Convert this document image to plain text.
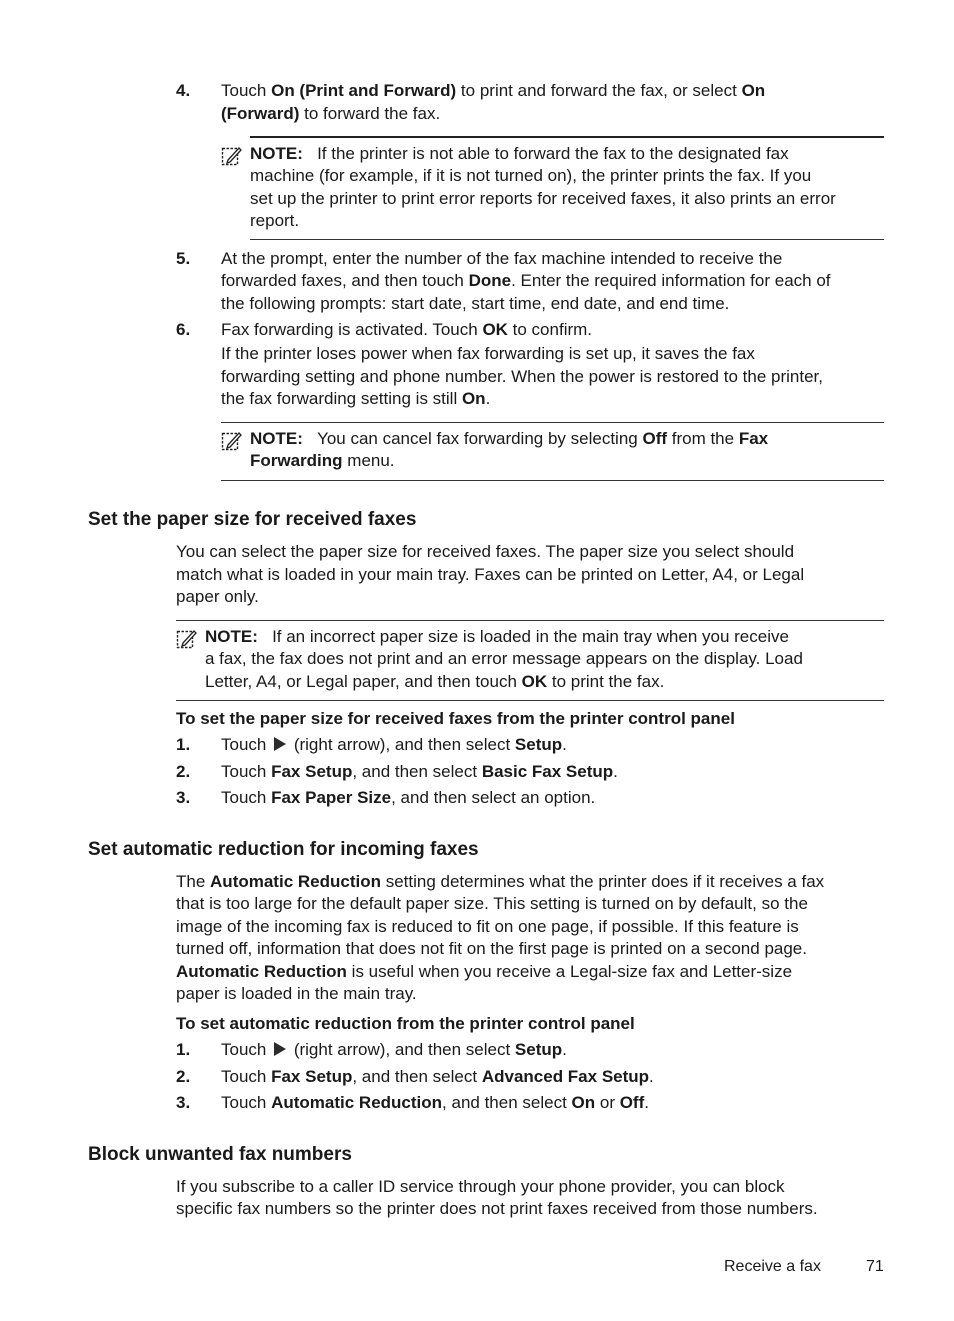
4. Touch On (Print and Forward) to print and forward the fax, or select On
(Forward) to forward the fax.
NOTE: If the printer is not able to forward the fax to the designated fax
machine (for example, if it is not turned on), the printer prints the fax. If you
set up the printer to print error reports for received faxes, it also prints an error
report.
5. At the prompt, enter the number of the fax machine intended to receive the
forwarded faxes, and then touch Done. Enter the required information for each of
the following prompts: start date, start time, end date, and end time.
6. Fax forwarding is activated. Touch OK to confirm.
If the printer loses power when fax forwarding is set up, it saves the fax
forwarding setting and phone number. When the power is restored to the printer,
the fax forwarding setting is still On.
NOTE: You can cancel fax forwarding by selecting Off from the Fax
Forwarding menu.
Set the paper size for received faxes
You can select the paper size for received faxes. The paper size you select should
match what is loaded in your main tray. Faxes can be printed on Letter, A4, or Legal
paper only.
NOTE: If an incorrect paper size is loaded in the main tray when you receive
a fax, the fax does not print and an error message appears on the display. Load
Letter, A4, or Legal paper, and then touch OK to print the fax.
To set the paper size for received faxes from the printer control panel
1. Touch  (right arrow), and then select Setup.
2. Touch Fax Setup, and then select Basic Fax Setup.
3. Touch Fax Paper Size, and then select an option.
Set automatic reduction for incoming faxes
The Automatic Reduction setting determines what the printer does if it receives a fax
that is too large for the default paper size. This setting is turned on by default, so the
image of the incoming fax is reduced to fit on one page, if possible. If this feature is
turned off, information that does not fit on the first page is printed on a second page.
Automatic Reduction is useful when you receive a Legal-size fax and Letter-size
paper is loaded in the main tray.
To set automatic reduction from the printer control panel
1. Touch  (right arrow), and then select Setup.
2. Touch Fax Setup, and then select Advanced Fax Setup.
3. Touch Automatic Reduction, and then select On or Off.
Block unwanted fax numbers
If you subscribe to a caller ID service through your phone provider, you can block
specific fax numbers so the printer does not print faxes received from those numbers.
Receive a fax	71
